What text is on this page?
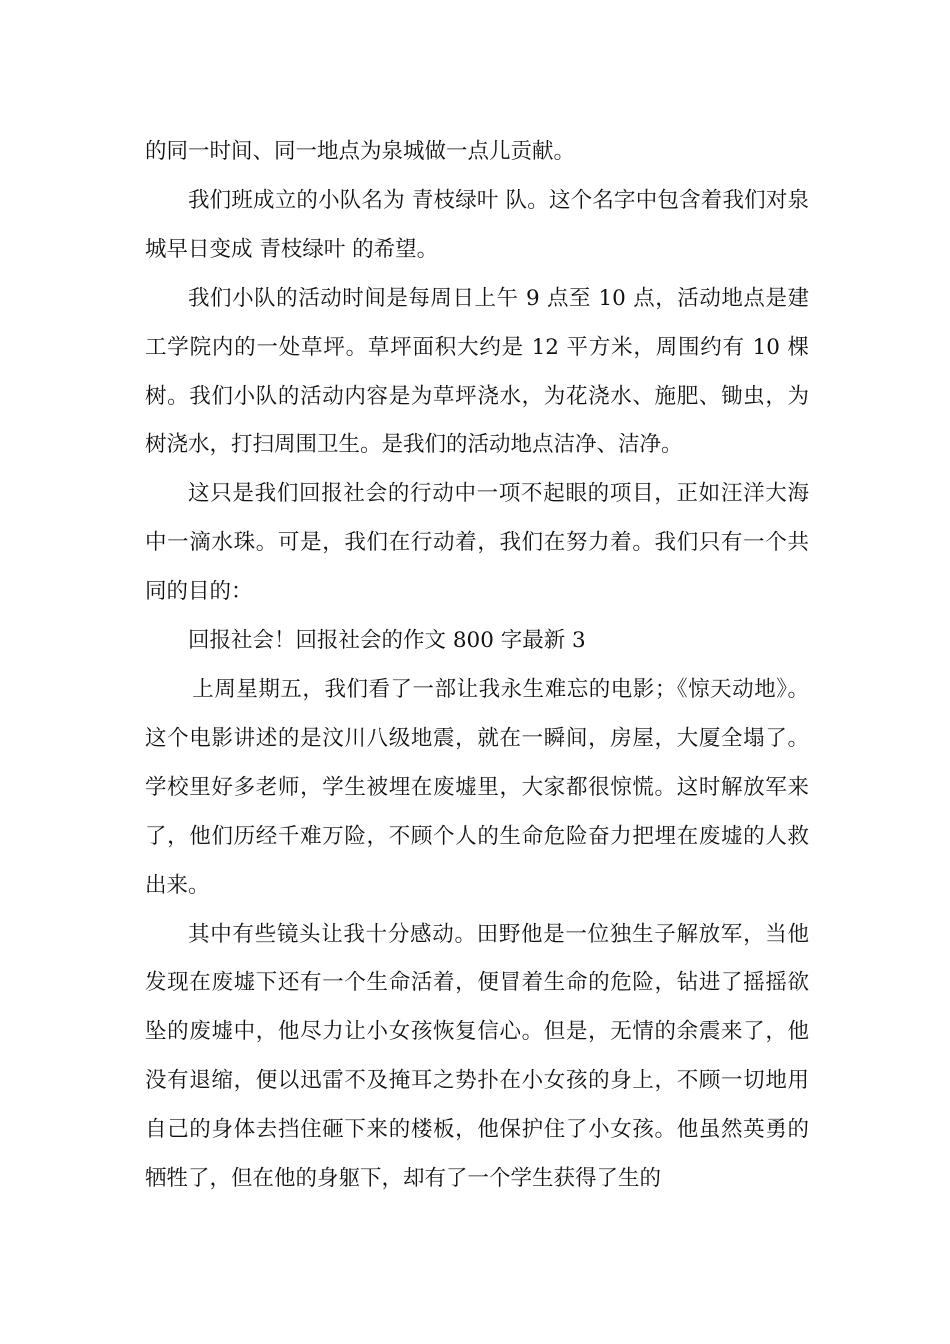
的同一时间、同一地点为泉城做一点儿贡献。

我们班成立的小队名为 青枝绿叶 队。这个名字中包含着我们对泉城早日变成 青枝绿叶 的希望。

我们小队的活动时间是每周日上午 9 点至 10 点，活动地点是建工学院内的一处草坪。草坪面积大约是 12 平方米，周围约有 10 棵树。我们小队的活动内容是为草坪浇水，为花浇水、施肥、锄虫，为树浇水，打扫周围卫生。是我们的活动地点洁净、洁净。

这只是我们回报社会的行动中一项不起眼的项目，正如汪洋大海中一滴水珠。可是，我们在行动着，我们在努力着。我们只有一个共同的目的：

回报社会！回报社会的作文 800 字最新 3

上周星期五，我们看了一部让我永生难忘的电影；《惊天动地》。这个电影讲述的是汶川八级地震，就在一瞬间，房屋，大厦全塌了。学校里好多老师，学生被埋在废墟里，大家都很惊慌。这时解放军来了，他们历经千难万险，不顾个人的生命危险奋力把埋在废墟的人救出来。

其中有些镜头让我十分感动。田野他是一位独生子解放军，当他发现在废墟下还有一个生命活着，便冒着生命的危险，钻进了摇摇欲坠的废墟中，他尽力让小女孩恢复信心。但是，无情的余震来了，他没有退缩，便以迅雷不及掩耳之势扑在小女孩的身上，不顾一切地用自己的身体去挡住砸下来的楼板，他保护住了小女孩。他虽然英勇的牺牲了，但在他的身躯下，却有了一个学生获得了生的
